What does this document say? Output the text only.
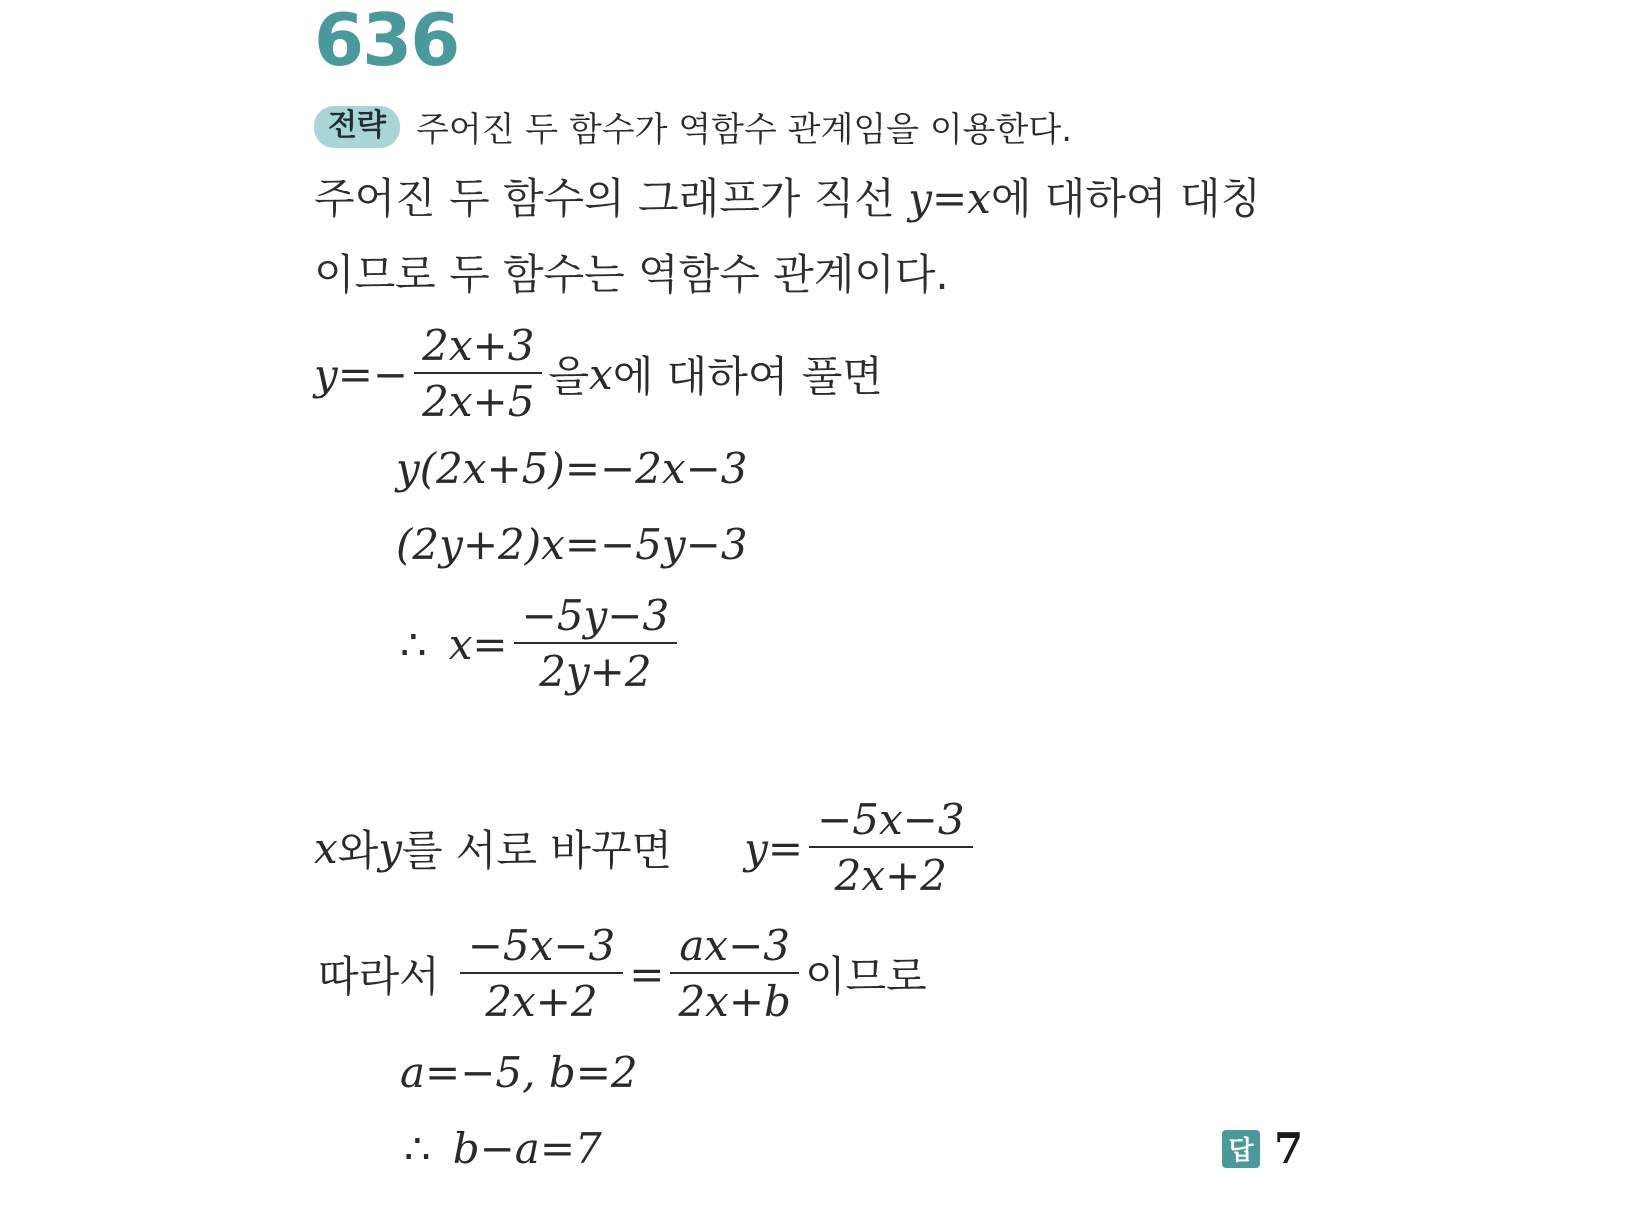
636
전략 주어진 두 함수가 역함수 관계임을 이용한다.
주어진 두 함수의 그래프가 직선 y=x에 대하여 대칭
이므로 두 함수는 역함수 관계이다.
$y =- \frac{2x+3}{2x+5}$ 을 x 에 대하여 풀면
y(2x+5)=−2x−3
(2y+2)x=−5y−3
∴ $x= \frac{-5y-3}{2y+2}$
x 와 y 를 서로 바꾸면 $y= \frac{-5x-3}{2x+2}$
따라서 $\frac{-5x-3}{2x+2} = \frac{ax-3}{2x+b}$ 이므로
a=−5, b=2
∴ b−a=7	답 7
